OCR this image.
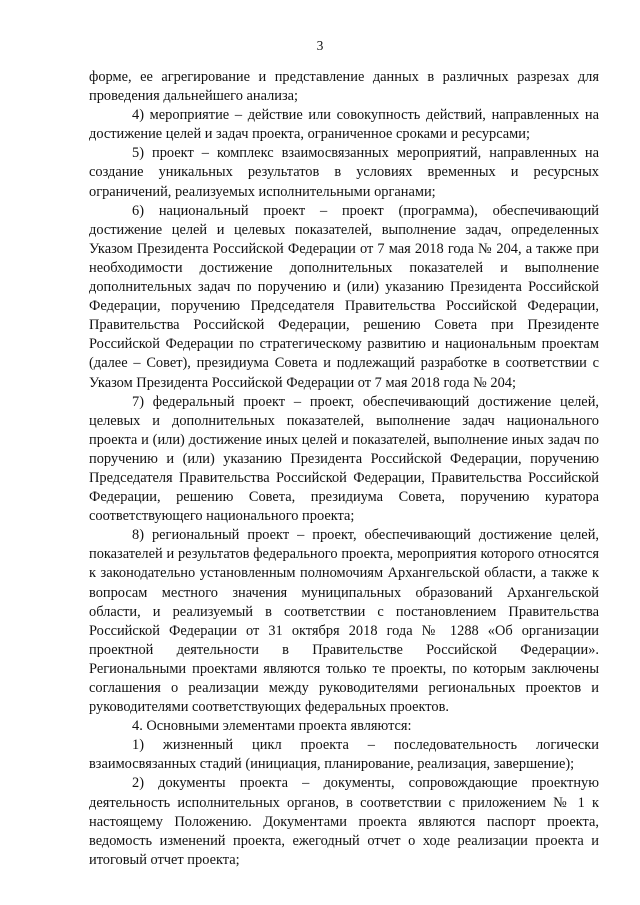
3

форме, ее агрегирование и представление данных в различных разрезах для проведения дальнейшего анализа;

4) мероприятие – действие или совокупность действий, направленных на достижение целей и задач проекта, ограниченное сроками и ресурсами;

5) проект – комплекс взаимосвязанных мероприятий, направленных на создание уникальных результатов в условиях временных и ресурсных ограничений, реализуемых исполнительными органами;

6) национальный проект – проект (программа), обеспечивающий достижение целей и целевых показателей, выполнение задач, определенных Указом Президента Российской Федерации от 7 мая 2018 года № 204, а также при необходимости достижение дополнительных показателей и выполнение дополнительных задач по поручению и (или) указанию Президента Российской Федерации, поручению Председателя Правительства Российской Федерации, Правительства Российской Федерации, решению Совета при Президенте Российской Федерации по стратегическому развитию и национальным проектам (далее – Совет), президиума Совета и подлежащий разработке в соответствии с Указом Президента Российской Федерации от 7 мая 2018 года № 204;

7) федеральный проект – проект, обеспечивающий достижение целей, целевых и дополнительных показателей, выполнение задач национального проекта и (или) достижение иных целей и показателей, выполнение иных задач по поручению и (или) указанию Президента Российской Федерации, поручению Председателя Правительства Российской Федерации, Правительства Российской Федерации, решению Совета, президиума Совета, поручению куратора соответствующего национального проекта;

8) региональный проект – проект, обеспечивающий достижение целей, показателей и результатов федерального проекта, мероприятия которого относятся к законодательно установленным полномочиям Архангельской области, а также к вопросам местного значения муниципальных образований Архангельской области, и реализуемый в соответствии с постановлением Правительства Российской Федерации от 31 октября 2018 года № 1288 «Об организации проектной деятельности в Правительстве Российской Федерации». Региональными проектами являются только те проекты, по которым заключены соглашения о реализации между руководителями региональных проектов и руководителями соответствующих федеральных проектов.

4. Основными элементами проекта являются:

1) жизненный цикл проекта – последовательность логически взаимосвязанных стадий (инициация, планирование, реализация, завершение);

2) документы проекта – документы, сопровождающие проектную деятельность исполнительных органов, в соответствии с приложением № 1 к настоящему Положению. Документами проекта являются паспорт проекта, ведомость изменений проекта, ежегодный отчет о ходе реализации проекта и итоговый отчет проекта;
